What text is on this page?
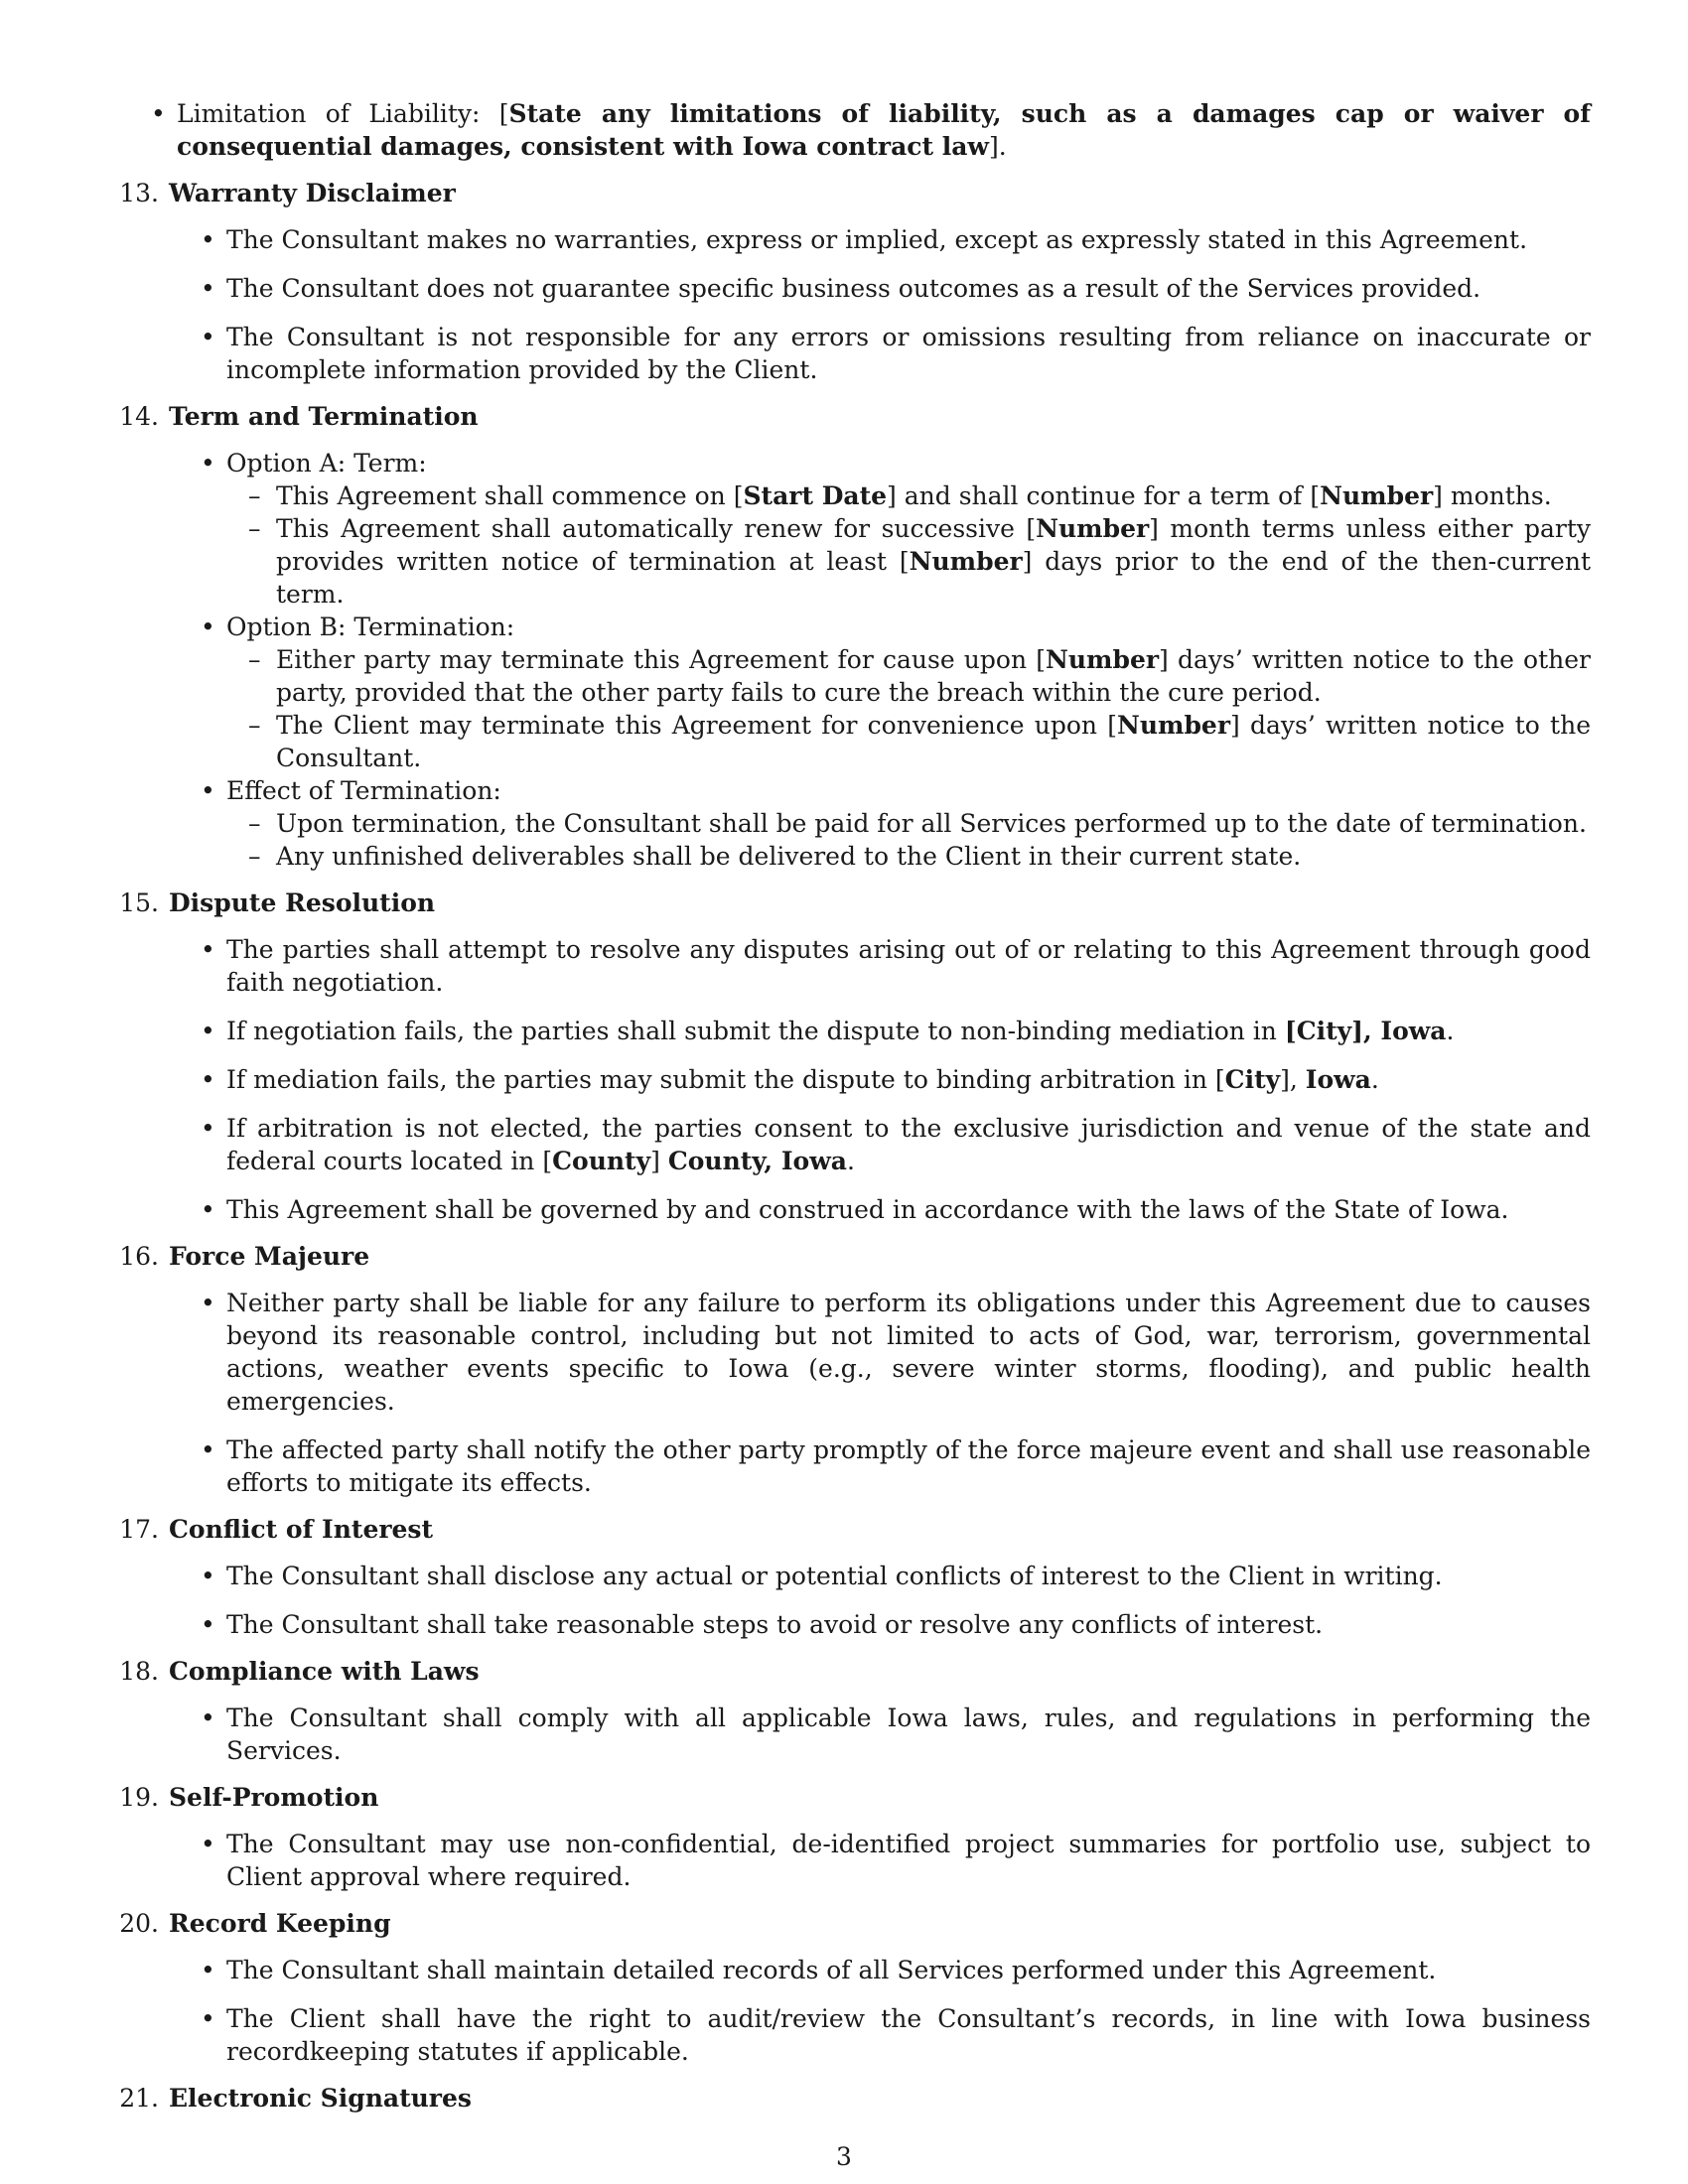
• Limitation of Liability: [State any limitations of liability, such as a damages cap or waiver of consequential damages, consistent with Iowa contract law].
13. Warranty Disclaimer
• The Consultant makes no warranties, express or implied, except as expressly stated in this Agreement.
• The Consultant does not guarantee specific business outcomes as a result of the Services provided.
• The Consultant is not responsible for any errors or omissions resulting from reliance on inaccurate or incomplete information provided by the Client.
14. Term and Termination
• Option A: Term:
– This Agreement shall commence on [Start Date] and shall continue for a term of [Number] months.
– This Agreement shall automatically renew for successive [Number] month terms unless either party provides written notice of termination at least [Number] days prior to the end of the then-current term.
• Option B: Termination:
– Either party may terminate this Agreement for cause upon [Number] days’ written notice to the other party, provided that the other party fails to cure the breach within the cure period.
– The Client may terminate this Agreement for convenience upon [Number] days’ written notice to the Consultant.
• Effect of Termination:
– Upon termination, the Consultant shall be paid for all Services performed up to the date of termination.
– Any unfinished deliverables shall be delivered to the Client in their current state.
15. Dispute Resolution
• The parties shall attempt to resolve any disputes arising out of or relating to this Agreement through good faith negotiation.
• If negotiation fails, the parties shall submit the dispute to non-binding mediation in [City], Iowa.
• If mediation fails, the parties may submit the dispute to binding arbitration in [City], Iowa.
• If arbitration is not elected, the parties consent to the exclusive jurisdiction and venue of the state and federal courts located in [County] County, Iowa.
• This Agreement shall be governed by and construed in accordance with the laws of the State of Iowa.
16. Force Majeure
• Neither party shall be liable for any failure to perform its obligations under this Agreement due to causes beyond its reasonable control, including but not limited to acts of God, war, terrorism, governmental actions, weather events specific to Iowa (e.g., severe winter storms, flooding), and public health emergencies.
• The affected party shall notify the other party promptly of the force majeure event and shall use reasonable efforts to mitigate its effects.
17. Conflict of Interest
• The Consultant shall disclose any actual or potential conflicts of interest to the Client in writing.
• The Consultant shall take reasonable steps to avoid or resolve any conflicts of interest.
18. Compliance with Laws
• The Consultant shall comply with all applicable Iowa laws, rules, and regulations in performing the Services.
19. Self-Promotion
• The Consultant may use non-confidential, de-identified project summaries for portfolio use, subject to Client approval where required.
20. Record Keeping
• The Consultant shall maintain detailed records of all Services performed under this Agreement.
• The Client shall have the right to audit/review the Consultant’s records, in line with Iowa business recordkeeping statutes if applicable.
21. Electronic Signatures
3
